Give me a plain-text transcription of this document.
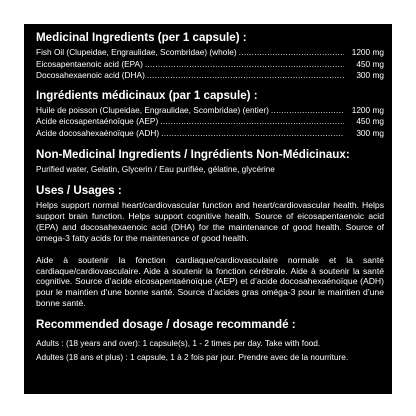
Medicinal Ingredients (per 1 capsule) :
Fish Oil (Clupeidae, Engraulidae, Scombridae) (whole) .....	1200 mg
Eicosapentaenoic acid (EPA) .....	450 mg
Docosahexaenoic acid (DHA) .....	300 mg
Ingrédients médicinaux (par 1 capsule) :
Huile de poisson (Clupeidae, Engraulidae, Scombridae) (entier) .....	1200 mg
Acide eicosapentaénoïque (AEP) .....	450 mg
Acide docosahexaénoïque (ADH) .....	300 mg
Non-Medicinal Ingredients / Ingrédients Non-Médicinaux:

Purified water, Gelatin, Glycerin / Eau purifiée, gélatine, glycérine

Uses / Usages :

Helps support normal heart/cardiovascular function and heart/cardiovascular health. Helps support brain function. Helps support cognitive health. Source of eicosapentaenoic acid (EPA) and docosahexaenoic acid (DHA) for the maintenance of good health. Source of omega-3 fatty acids for the maintenance of good health.

Aide à soutenir la fonction cardiaque/cardiovasculaire normale et la santé cardiaque/cardiovasculaire. Aide à soutenir la fonction cérébrale. Aide à soutenir la santé cognitive. Source d’acide eicosapentaénoïque (AEP) et d’acide docosahexaénoïque (ADH) pour le maintien d’une bonne santé. Source d’acides gras oméga-3 pour le maintien d’une bonne santé.

Recommended dosage / dosage recommandé :

Adults : (18 years and over): 1 capsule(s), 1 - 2 times per day. Take with food.

Adultes (18 ans et plus) : 1 capsule, 1 à 2 fois par jour. Prendre avec de la nourriture.
